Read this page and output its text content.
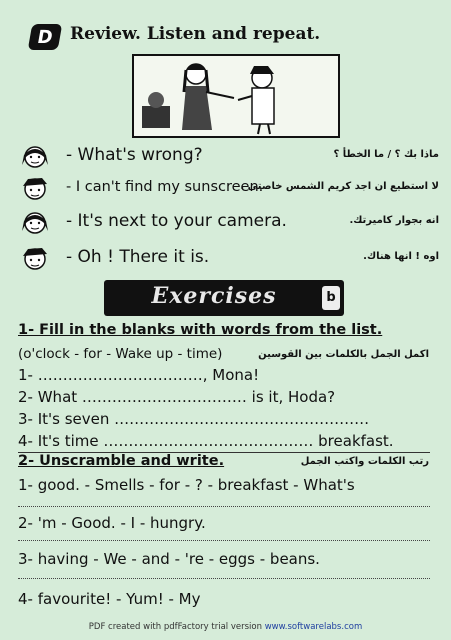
D Review. Listen and repeat.
- What's wrong?	ماذا بك ؟ / ما الخطأ ؟
- I can't find my sunscreen.
لا استطيع ان اجد كريم الشمس خاصتى .
- It's next to your camera.	انه بجوار كاميرتك.
- Oh ! There it is.	اوه ! انها هناك.
Exercises	b
1- Fill in the blanks with words from the list.
(o'clock - for - Wake up - time)	اكمل الجمل بالكلمات بين القوسين
1- ……………………………, Mona!
2- What …………………………… is it, Hoda?
3- It's seven ……………………………………………
4- It's time …………………………………… breakfast.
2- Unscramble and write.	رتب الكلمات واكتب الجمل
1- good. - Smells - for - ? - breakfast - What's
2- 'm - Good. - I - hungry.
3- having - We - and - 're - eggs - beans.
4- favourite! - Yum! - My
PDF created with pdfFactory trial version www.softwarelabs.com
